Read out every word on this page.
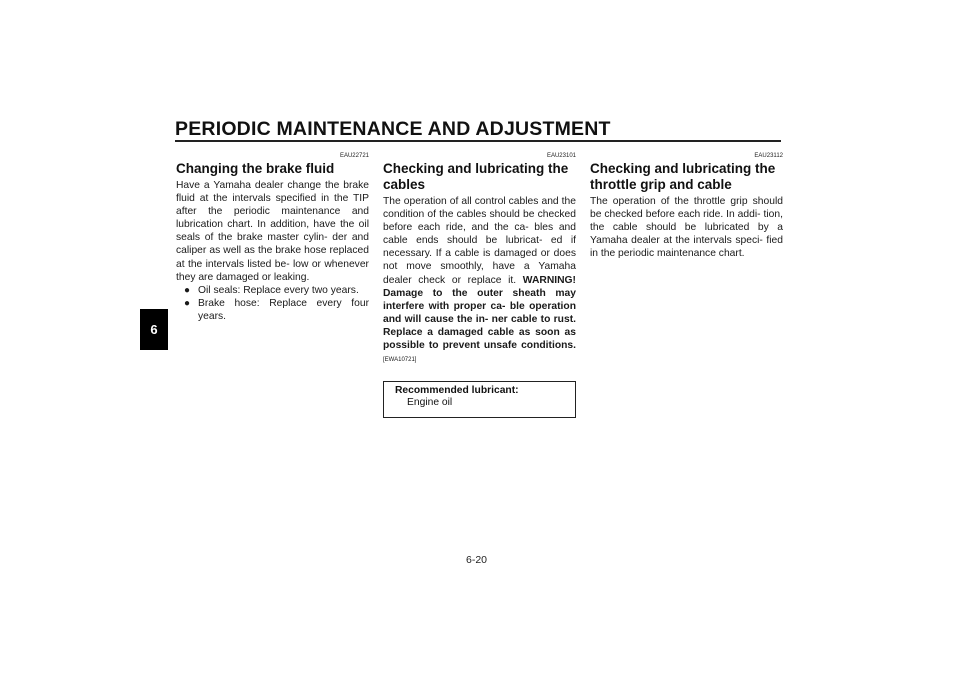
PERIODIC MAINTENANCE AND ADJUSTMENT
6
EAU22721
Changing the brake fluid

Have a Yamaha dealer change the brake fluid at the intervals specified in the TIP after the periodic maintenance and lubrication chart. In addition, have the oil seals of the brake master cylin- der and caliper as well as the brake hose replaced at the intervals listed be- low or whenever they are damaged or leaking.

● Oil seals: Replace every two years.
● Brake hose: Replace every four years.
EAU23101
Checking and lubricating the cables

The operation of all control cables and the condition of the cables should be checked before each ride, and the ca- bles and cable ends should be lubricat- ed if necessary. If a cable is damaged or does not move smoothly, have a Yamaha dealer check or replace it. WARNING! Damage to the outer sheath may interfere with proper ca- ble operation and will cause the in- ner cable to rust. Replace a damaged cable as soon as possible to prevent unsafe conditions. [EWA10721]

Recommended lubricant:
Engine oil
EAU23112
Checking and lubricating the throttle grip and cable

The operation of the throttle grip should be checked before each ride. In addi- tion, the cable should be lubricated by a Yamaha dealer at the intervals speci- fied in the periodic maintenance chart.

6-20
